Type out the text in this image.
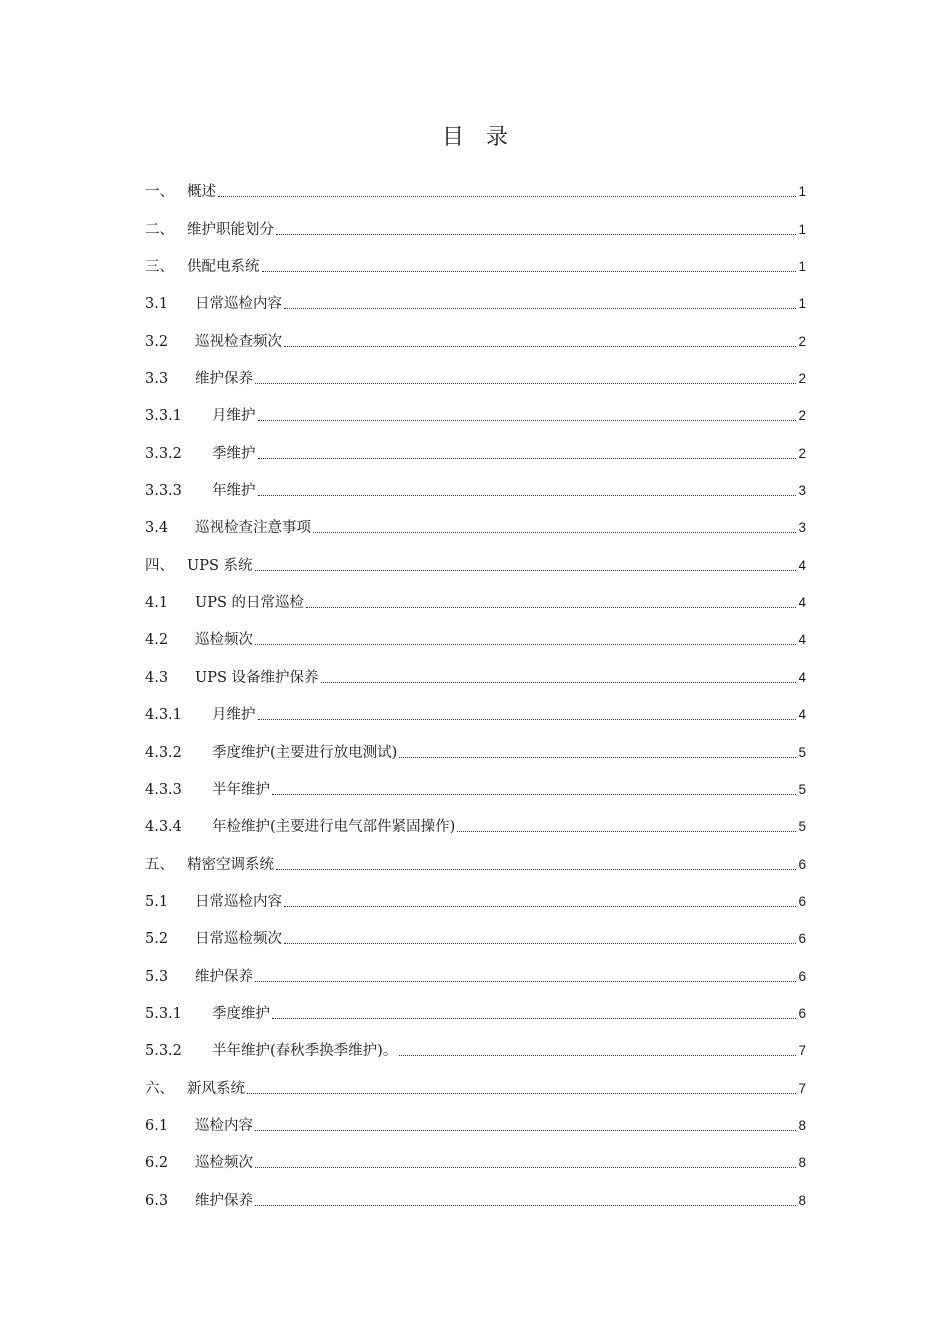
目　录
一、 概述	1
二、 维护职能划分	1
三、 供配电系统	1
3.1	日常巡检内容	1
3.2	巡视检查频次	2
3.3	维护保养	2
3.3.1	月维护	2
3.3.2	季维护	2
3.3.3	年维护	3
3.4	巡视检查注意事项	3
四、 UPS 系统	4
4.1	UPS 的日常巡检	4
4.2	巡检频次	4
4.3	UPS 设备维护保养	4
4.3.1	月维护	4
4.3.2	季度维护(主要进行放电测试)	5
4.3.3	半年维护	5
4.3.4	年检维护(主要进行电气部件紧固操作)	5
五、 精密空调系统	6
5.1	日常巡检内容	6
5.2	日常巡检频次	6
5.3	维护保养	6
5.3.1	季度维护	6
5.3.2	半年维护(春秋季换季维护)。	7
六、 新风系统	7
6.1	巡检内容	8
6.2	巡检频次	8
6.3	维护保养	8
